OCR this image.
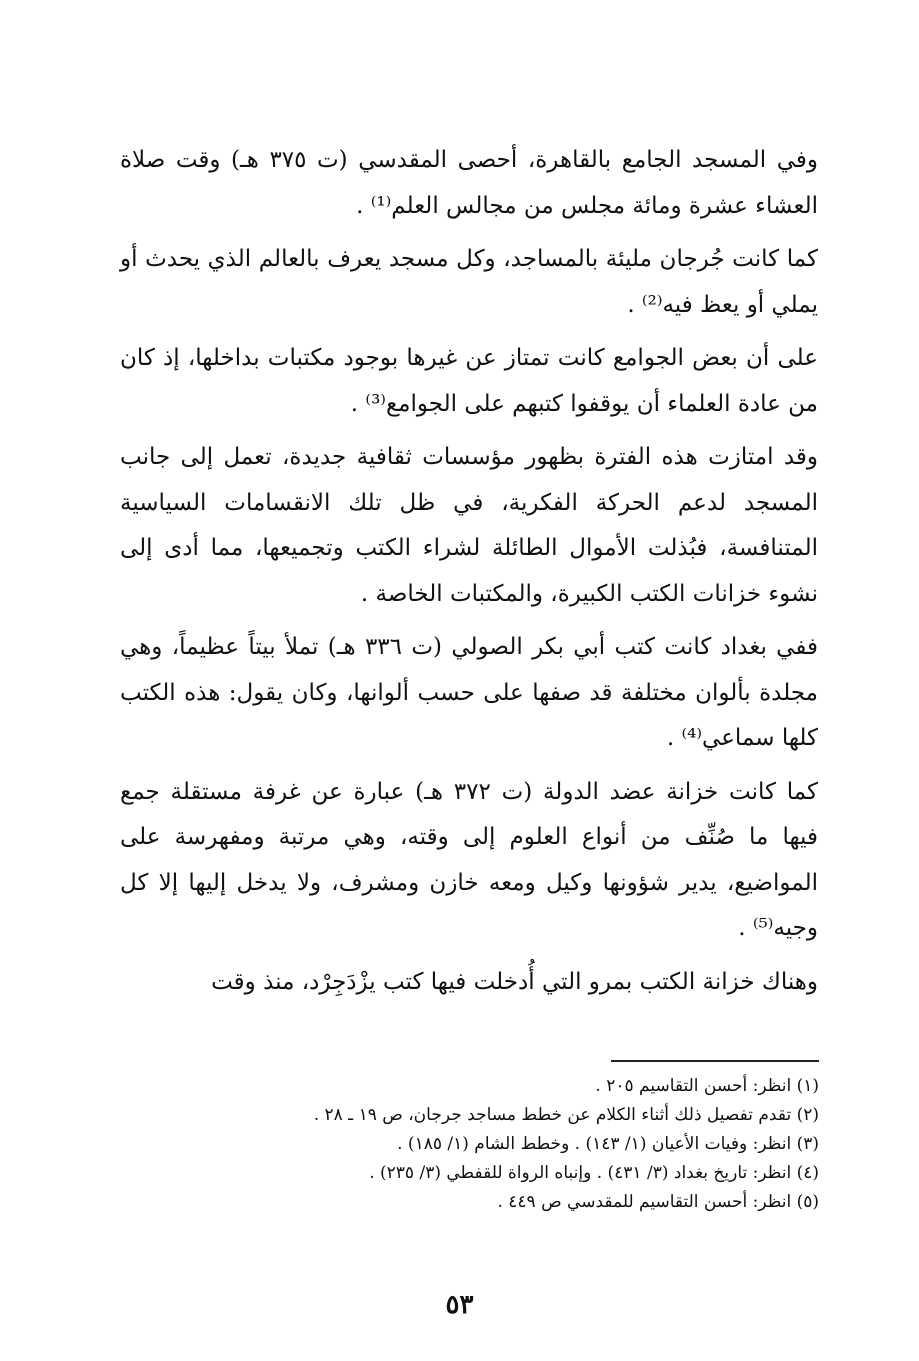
وفي المسجد الجامع بالقاهرة، أحصى المقدسي (ت ٣٧٥ هـ) وقت صلاة العشاء عشرة ومائة مجلس من مجالس العلم⁽¹⁾ .

كما كانت جُرجان مليئة بالمساجد، وكل مسجد يعرف بالعالم الذي يحدث أو يملي أو يعظ فيه⁽²⁾ .

على أن بعض الجوامع كانت تمتاز عن غيرها بوجود مكتبات بداخلها، إذ كان من عادة العلماء أن يوقفوا كتبهم على الجوامع⁽³⁾ .

وقد امتازت هذه الفترة بظهور مؤسسات ثقافية جديدة، تعمل إلى جانب المسجد لدعم الحركة الفكرية، في ظل تلك الانقسامات السياسية المتنافسة، فبُذلت الأموال الطائلة لشراء الكتب وتجميعها، مما أدى إلى نشوء خزانات الكتب الكبيرة، والمكتبات الخاصة .

ففي بغداد كانت كتب أبي بكر الصولي (ت ٣٣٦ هـ) تملأ بيتاً عظيماً، وهي مجلدة بألوان مختلفة قد صفها على حسب ألوانها، وكان يقول: هذه الكتب كلها سماعي⁽⁴⁾ .

كما كانت خزانة عضد الدولة (ت ٣٧٢ هـ) عبارة عن غرفة مستقلة جمع فيها ما صُنِّف من أنواع العلوم إلى وقته، وهي مرتبة ومفهرسة على المواضيع، يدير شؤونها وكيل ومعه خازن ومشرف، ولا يدخل إليها إلا كل وجيه⁽⁵⁾ .

وهناك خزانة الكتب بمرو التي أُدخلت فيها كتب يزْدَجِرْد، منذ وقت

(١) انظر: أحسن التقاسيم ٢٠٥ .

(٢) تقدم تفصيل ذلك أثناء الكلام عن خطط مساجد جرجان، ص ١٩ ـ ٢٨ .

(٣) انظر: وفيات الأعيان (١/ ١٤٣) . وخطط الشام (١/ ١٨٥) .

(٤) انظر: تاريخ بغداد (٣/ ٤٣١) . وإنباه الرواة للقفطي (٣/ ٢٣٥) .

(٥) انظر: أحسن التقاسيم للمقدسي ص ٤٤٩ .

٥٣
